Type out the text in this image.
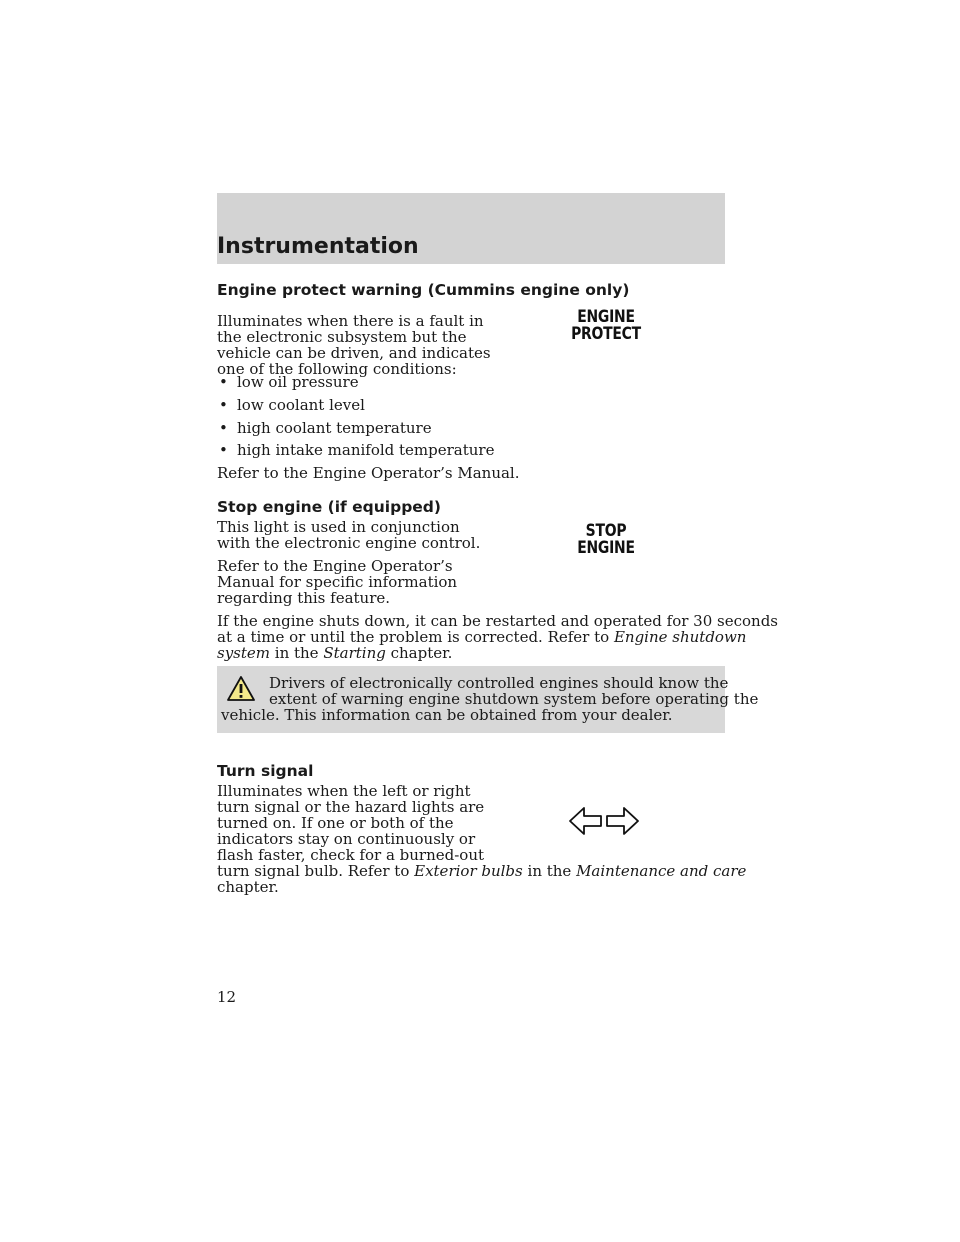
Instrumentation
Engine protect warning (Cummins engine only)
Illuminates when there is a fault in
the electronic subsystem but the
vehicle can be driven, and indicates
one of the following conditions:
ENGINE
PROTECT
• low oil pressure
• low coolant level
• high coolant temperature
• high intake manifold temperature
Refer to the Engine Operator’s Manual.
Stop engine (if equipped)
This light is used in conjunction
with the electronic engine control.
STOP
ENGINE
Refer to the Engine Operator’s
Manual for specific information
regarding this feature.
If the engine shuts down, it can be restarted and operated for 30 seconds
at a time or until the problem is corrected. Refer to Engine shutdown
system in the Starting chapter.
Drivers of electronically controlled engines should know the
extent of warning engine shutdown system before operating the
vehicle. This information can be obtained from your dealer.
Turn signal
Illuminates when the left or right
turn signal or the hazard lights are
turned on. If one or both of the
indicators stay on continuously or
flash faster, check for a burned-out
turn signal bulb. Refer to Exterior bulbs in the Maintenance and care
chapter.
12
